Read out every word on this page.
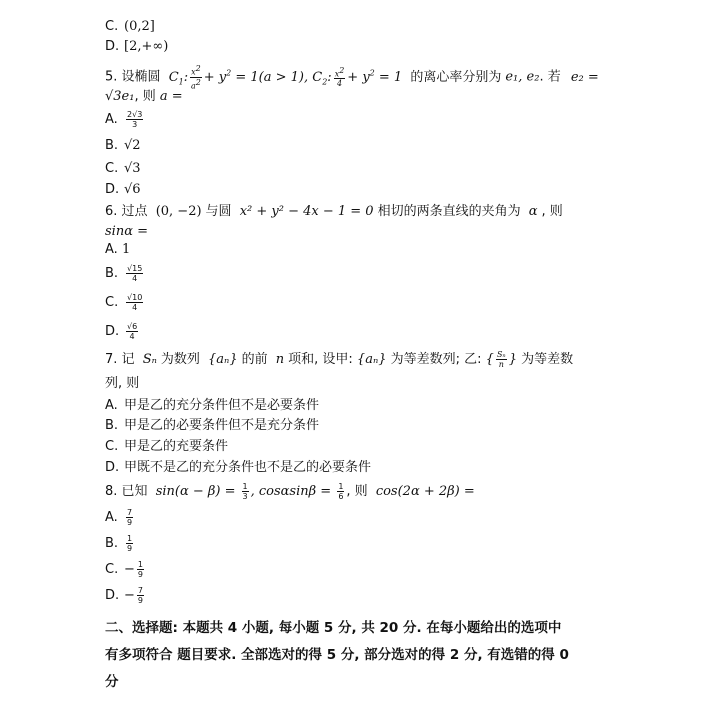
C. (0,2]
D. [2,+∞)
5. 设椭圆 $C_1$: $\frac{x^2}{a^2} + y^2 = 1(a > 1)$, $C_2$: $\frac{x^2}{4} + y^2 = 1$ 的离心率分别为 e₁, e₂. 若 e₂ =
√3e₁, 则 a =
A. $\frac{2√3}{3}$
B. √2
C. √3
D. √6
6. 过点 (0, −2) 与圆 x² + y² − 4x − 1 = 0 相切的两条直线的夹角为 α , 则
sinα =
A. 1
B. $\frac{√15}{4}$
C. $\frac{√10}{4}$
D. $\frac{√6}{4}$
7. 记 Sₙ 为数列 {aₙ} 的前 n 项和, 设甲: {aₙ} 为等差数列; 乙: { $\frac{\text{Sₙ}}{n}$ } 为等差数
列, 则
A. 甲是乙的充分条件但不是必要条件
B. 甲是乙的必要条件但不是充分条件
C. 甲是乙的充要条件
D. 甲既不是乙的充分条件也不是乙的必要条件
8. 已知 $\sin(\alpha - \beta) = \frac{1}{3}$ , $\cos\alpha\sin\beta = \frac{1}{6}$ , 则 cos(2α + 2β) =
A. $\frac{7}{9}$
B. $\frac{1}{9}$
C. − $\frac{1}{9}$
D. − $\frac{7}{9}$
二、选择题: 本题共 4 小题, 每小题 5 分, 共 20 分. 在每小题给出的选项中
有多项符合 题目要求. 全部选对的得 5 分, 部分选对的得 2 分, 有选错的得 0
分
